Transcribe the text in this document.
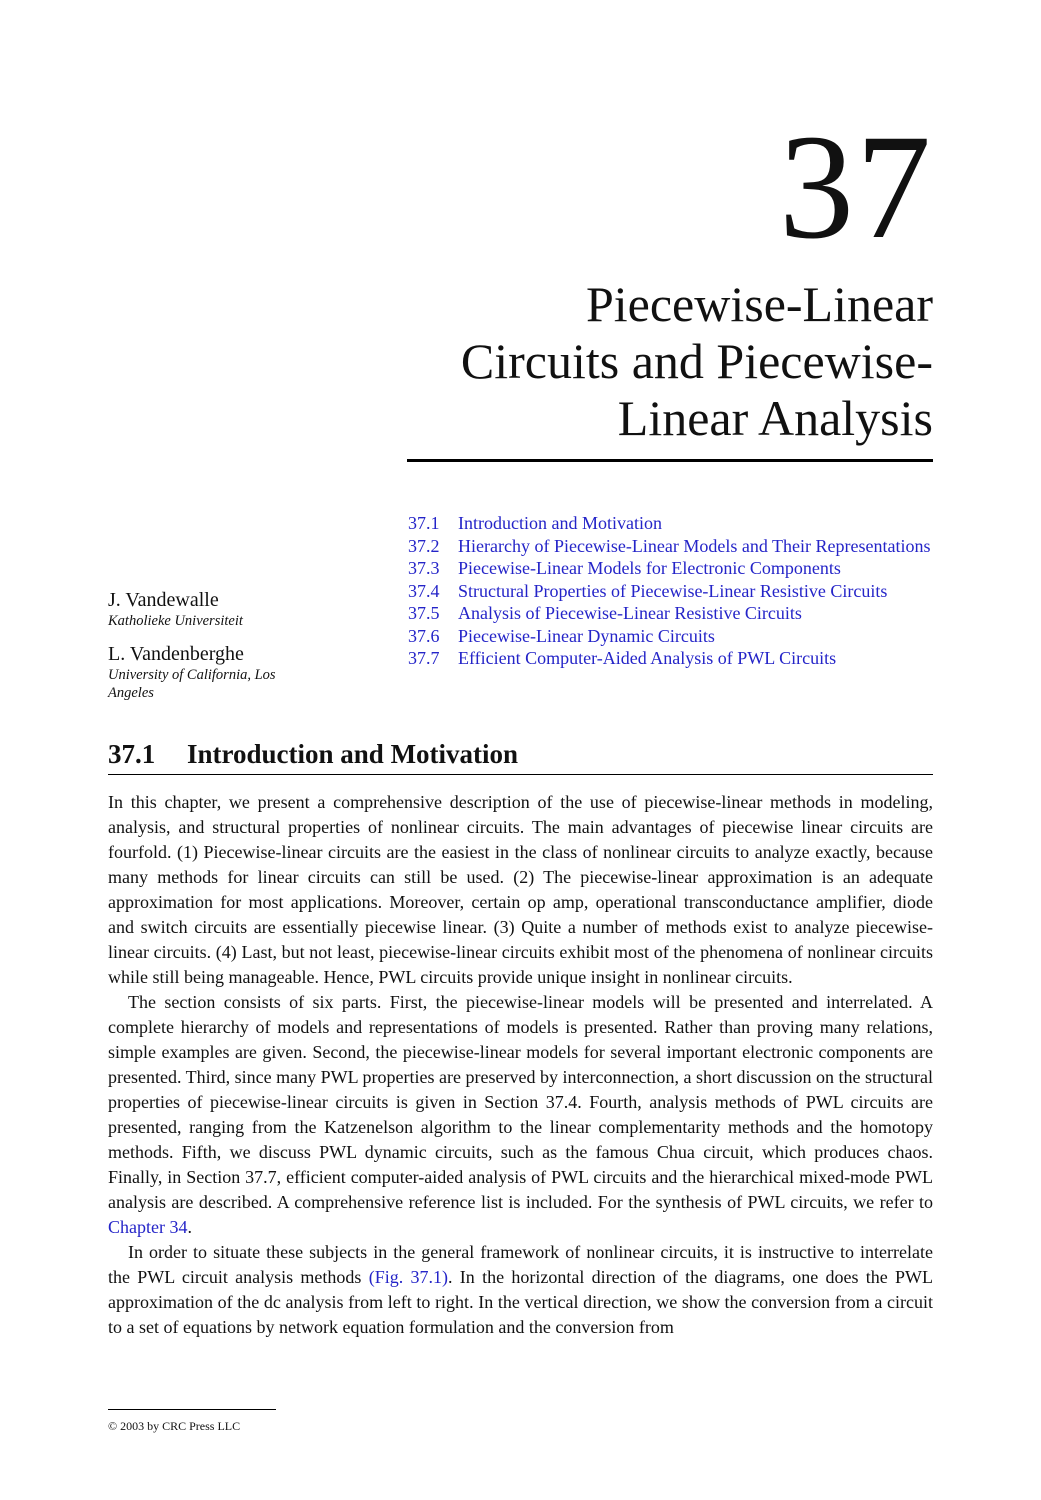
37
Piecewise-Linear
Circuits and Piecewise-
Linear Analysis
37.1	Introduction and Motivation
37.2	Hierarchy of Piecewise-Linear Models and Their Representations
37.3	Piecewise-Linear Models for Electronic Components
37.4	Structural Properties of Piecewise-Linear Resistive Circuits
37.5	Analysis of Piecewise-Linear Resistive Circuits
37.6	Piecewise-Linear Dynamic Circuits
37.7	Efficient Computer-Aided Analysis of PWL Circuits
J. Vandewalle
Katholieke Universiteit
L. Vandenberghe
University of California, Los Angeles
37.1 Introduction and Motivation

In this chapter, we present a comprehensive description of the use of piecewise-linear methods in modeling, analysis, and structural properties of nonlinear circuits. The main advantages of piecewise linear circuits are fourfold. (1) Piecewise-linear circuits are the easiest in the class of nonlinear circuits to analyze exactly, because many methods for linear circuits can still be used. (2) The piecewise-linear approximation is an adequate approximation for most applications. Moreover, certain op amp, operational transconductance amplifier, diode and switch circuits are essentially piecewise linear. (3) Quite a number of methods exist to analyze piecewise-linear circuits. (4) Last, but not least, piecewise-linear circuits exhibit most of the phenomena of nonlinear circuits while still being manageable. Hence, PWL circuits provide unique insight in nonlinear circuits.

The section consists of six parts. First, the piecewise-linear models will be presented and interrelated. A complete hierarchy of models and representations of models is presented. Rather than proving many relations, simple examples are given. Second, the piecewise-linear models for several important electronic components are presented. Third, since many PWL properties are preserved by interconnection, a short discussion on the structural properties of piecewise-linear circuits is given in Section 37.4. Fourth, analysis methods of PWL circuits are presented, ranging from the Katzenelson algorithm to the linear complementarity methods and the homotopy methods. Fifth, we discuss PWL dynamic circuits, such as the famous Chua circuit, which produces chaos. Finally, in Section 37.7, efficient computer-aided analysis of PWL circuits and the hierarchical mixed-mode PWL analysis are described. A comprehensive reference list is included. For the synthesis of PWL circuits, we refer to Chapter 34.

In order to situate these subjects in the general framework of nonlinear circuits, it is instructive to interrelate the PWL circuit analysis methods (Fig. 37.1). In the horizontal direction of the diagrams, one does the PWL approximation of the dc analysis from left to right. In the vertical direction, we show the conversion from a circuit to a set of equations by network equation formulation and the conversion from

© 2003 by CRC Press LLC
